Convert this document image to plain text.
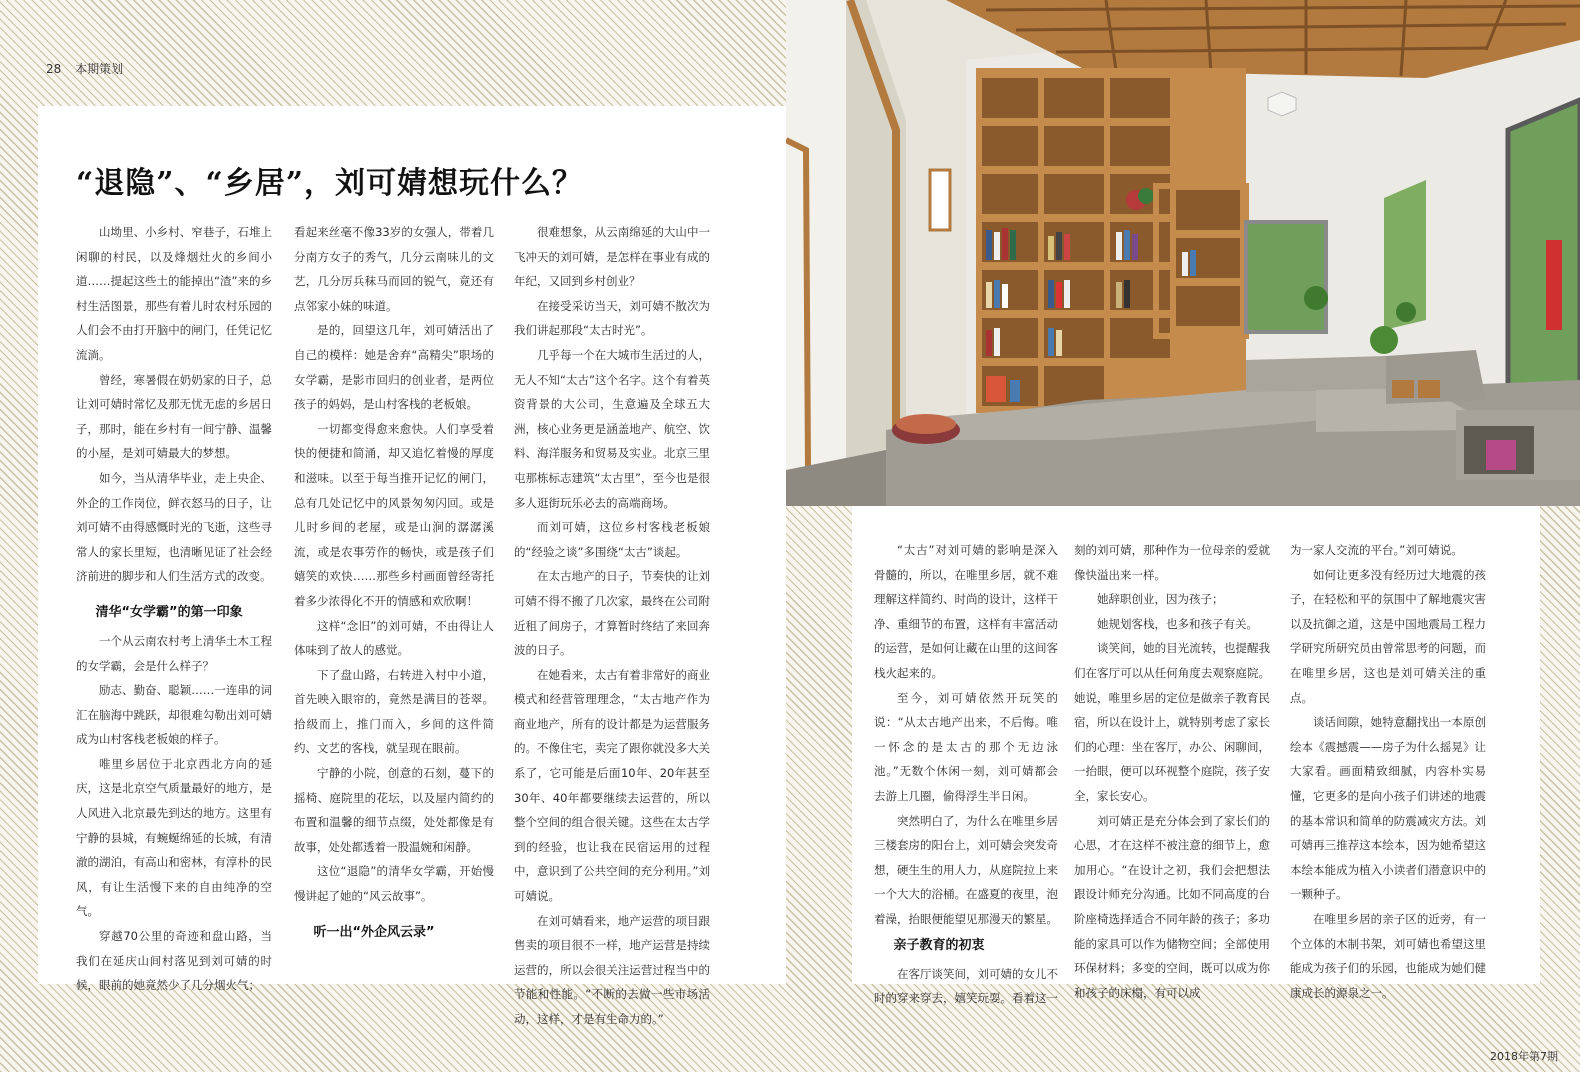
28 本期策划
“退隐”、“乡居”，刘可婧想玩什么？

山坳里、小乡村、窄巷子，石堆上闲聊的村民，以及烽烟灶火的乡间小道……提起这些土的能掉出“渣”来的乡村生活图景，那些有着儿时农村乐园的人们会不由打开脑中的闸门，任凭记忆流淌。

曾经，寒暑假在奶奶家的日子，总让刘可婧时常忆及那无忧无虑的乡居日子，那时，能在乡村有一间宁静、温馨的小屋，是刘可婧最大的梦想。

如今，当从清华毕业，走上央企、外企的工作岗位，鲜衣怒马的日子，让刘可婧不由得感慨时光的飞逝，这些寻常人的家长里短，也清晰见证了社会经济前进的脚步和人们生活方式的改变。

清华“女学霸”的第一印象

一个从云南农村考上清华土木工程的女学霸，会是什么样子？

励志、勤奋、聪颖……一连串的词汇在脑海中跳跃，却很难勾勒出刘可婧成为山村客栈老板娘的样子。

唯里乡居位于北京西北方向的延庆，这是北京空气质量最好的地方，是人风进入北京最先到达的地方。这里有宁静的县城，有蜿蜒绵延的长城，有清澈的湖泊，有高山和密林，有淳朴的民风，有让生活慢下来的自由纯净的空气。

穿越70公里的奇迹和盘山路，当我们在延庆山间村落见到刘可婧的时候，眼前的她竟然少了几分烟火气；

看起来丝毫不像33岁的女强人，带着几分南方女子的秀气，几分云南味儿的文艺，几分厉兵秣马而回的锐气，竟还有点邻家小妹的味道。

是的，回望这几年，刘可婧活出了自己的模样：她是舍弃“高精尖”职场的女学霸，是影市回归的创业者，是两位孩子的妈妈，是山村客栈的老板娘。

一切都变得愈来愈快。人们享受着快的便捷和简涌，却又追忆着慢的厚度和滋味。以至于每当推开记忆的闸门，总有几处记忆中的风景匆匆闪回。或是儿时乡间的老屋，或是山涧的潺潺溪流，或是农事劳作的畅快，或是孩子们嬉笑的欢快……那些乡村画面曾经寄托着多少浓得化不开的情感和欢欣啊！

这样“念旧”的刘可婧，不由得让人体味到了故人的感觉。

下了盘山路，右转进入村中小道，首先映入眼帘的，竟然是满目的苍翠。拾级而上，推门而入，乡间的这件简约、文艺的客栈，就呈现在眼前。

宁静的小院，创意的石刻，蔓下的摇椅、庭院里的花坛，以及屋内简约的布置和温馨的细节点缀，处处都像是有故事，处处都透着一股温婉和闲静。

这位“退隐”的清华女学霸，开始慢慢讲起了她的“风云故事”。

听一出“外企风云录”

很难想象，从云南绵延的大山中一飞冲天的刘可婧，是怎样在事业有成的年纪，又回到乡村创业？

在接受采访当天，刘可婧不散次为我们讲起那段“太古时光”。

几乎每一个在大城市生活过的人，无人不知“太古”这个名字。这个有着英资背景的大公司，生意遍及全球五大洲，核心业务更是涵盖地产、航空、饮料、海洋服务和贸易及实业。北京三里屯那栋标志建筑“太古里”，至今也是很多人逛街玩乐必去的高端商场。

而刘可婧，这位乡村客栈老板娘的“经验之谈”多围绕“太古”谈起。

在太古地产的日子，节奏快的让刘可婧不得不搬了几次家，最终在公司附近租了间房子，才算暂时终结了来回奔波的日子。

在她看来，太古有着非常好的商业模式和经营管理理念，“太古地产作为商业地产，所有的设计都是为运营服务的。不像住宅，卖完了跟你就没多大关系了，它可能是后面10年、20年甚至30年、40年都要继续去运营的，所以整个空间的组合很关键。这些在太古学到的经验，也让我在民宿运用的过程中，意识到了公共空间的充分利用。”刘可婧说。

在刘可婧看来，地产运营的项目跟售卖的项目很不一样，地产运营是持续运营的，所以会很关注运营过程当中的节能和性能。“不断的去做一些市场活动，这样，才是有生命力的。”

“太古”对刘可婧的影响是深入骨髓的，所以，在唯里乡居，就不难理解这样简约、时尚的设计，这样干净、重细节的布置，这样有丰富活动的运营，是如何让藏在山里的这间客栈火起来的。

至今，刘可婧依然开玩笑的说：“从太古地产出来，不后悔。唯一怀念的是太古的那个无边泳池。”无数个休闲一刻，刘可婧都会去游上几圈，偷得浮生半日闲。

突然明白了，为什么在唯里乡居三楼套房的阳台上，刘可婧会突发奇想，硬生生的用人力，从庭院拉上来一个大大的浴桶。在盛夏的夜里，泡着澡，抬眼便能望见那漫天的繁星。

亲子教育的初衷

在客厅谈笑间，刘可婧的女儿不时的穿来穿去，嬉笑玩耍。看着这一

刻的刘可婧，那种作为一位母亲的爱就像快溢出来一样。

她辞职创业，因为孩子；

她规划客栈，也多和孩子有关。

谈笑间，她的目光流转，也提醒我们在客厅可以从任何角度去观察庭院。她说，唯里乡居的定位是做亲子教育民宿，所以在设计上，就特别考虑了家长们的心理：坐在客厅，办公、闲聊间，一抬眼，便可以环视整个庭院，孩子安全，家长安心。

刘可婧正是充分体会到了家长们的心思，才在这样不被注意的细节上，愈加用心。“在设计之初，我们会把想法跟设计师充分沟通。比如不同高度的台阶座椅选择适合不同年龄的孩子；多功能的家具可以作为储物空间；全部使用环保材料；多变的空间，既可以成为你和孩子的床榻，有可以成

为一家人交流的平台。”刘可婧说。

如何让更多没有经历过大地震的孩子，在轻松和平的氛围中了解地震灾害以及抗御之道，这是中国地震局工程力学研究所研究员由曾常思考的问题，而在唯里乡居，这也是刘可婧关注的重点。

谈话间隙，她特意翻找出一本原创绘本《震撼震——房子为什么摇晃》让大家看。画面精致细腻，内容朴实易懂，它更多的是向小孩子们讲述的地震的基本常识和简单的防震减灾方法。刘可婧再三推荐这本绘本，因为她希望这本绘本能成为植入小读者们潜意识中的一颗种子。

在唯里乡居的亲子区的近旁，有一个立体的木制书架，刘可婧也希望这里能成为孩子们的乐园，也能成为她们健康成长的源泉之一。

2018年第7期
